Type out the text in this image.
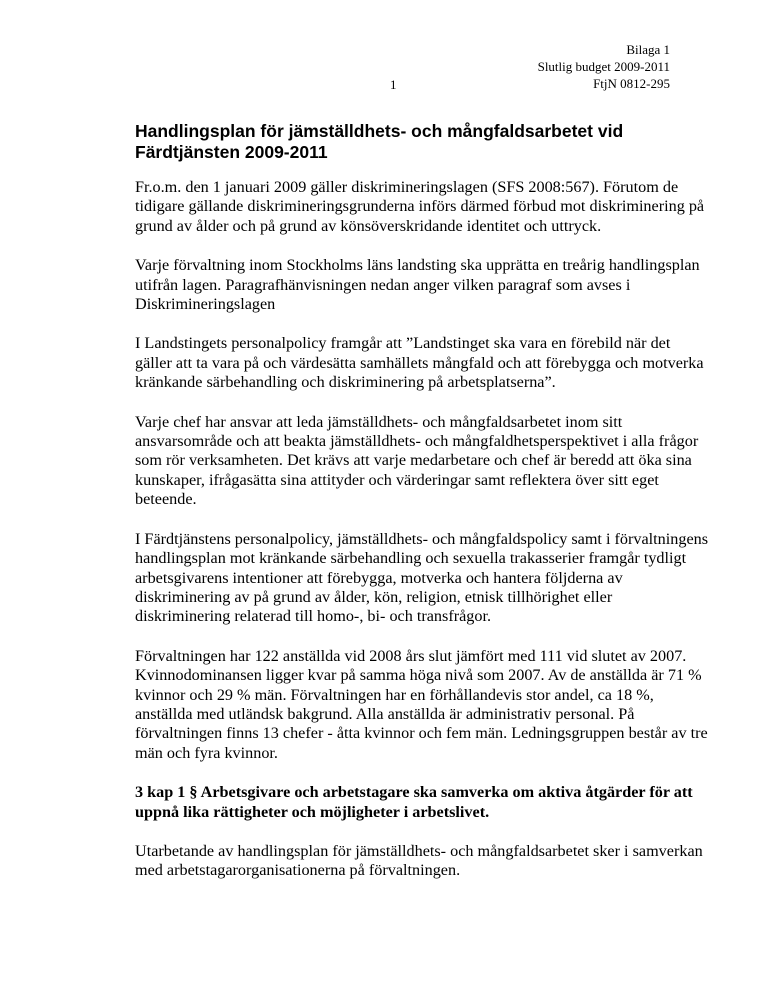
1
Bilaga 1
Slutlig budget 2009-2011
FtjN 0812-295
Handlingsplan för jämställdhets- och mångfaldsarbetet vid Färdtjänsten 2009-2011

Fr.o.m. den 1 januari 2009 gäller diskrimineringslagen (SFS 2008:567). Förutom de tidigare gällande diskrimineringsgrunderna införs därmed förbud mot diskriminering på grund av ålder och på grund av könsöverskridande identitet och uttryck.

Varje förvaltning inom Stockholms läns landsting ska upprätta en treårig handlingsplan utifrån lagen. Paragrafhänvisningen nedan anger vilken paragraf som avses i Diskrimineringslagen

I Landstingets personalpolicy framgår att ”Landstinget ska vara en förebild när det gäller att ta vara på och värdesätta samhällets mångfald och att förebygga och motverka kränkande särbehandling och diskriminering på arbetsplatserna”.

Varje chef har ansvar att leda jämställdhets- och mångfaldsarbetet inom sitt ansvarsområde och att beakta jämställdhets- och mångfaldhetsperspektivet i alla frågor som rör verksamheten. Det krävs att varje medarbetare och chef är beredd att öka sina kunskaper, ifrågasätta sina attityder och värderingar samt reflektera över sitt eget beteende.

I Färdtjänstens personalpolicy, jämställdhets- och mångfaldspolicy samt i förvaltningens handlingsplan mot kränkande särbehandling och sexuella trakasserier framgår tydligt arbetsgivarens intentioner att förebygga, motverka och hantera följderna av diskriminering av på grund av ålder, kön, religion, etnisk tillhörighet eller diskriminering relaterad till homo-, bi- och transfrågor.

Förvaltningen har 122 anställda vid 2008 års slut jämfört med 111 vid slutet av 2007. Kvinnodominansen ligger kvar på samma höga nivå som 2007. Av de anställda är 71 % kvinnor och 29 % män. Förvaltningen har en förhållandevis stor andel, ca 18 %, anställda med utländsk bakgrund. Alla anställda är administrativ personal. På förvaltningen finns 13 chefer - åtta kvinnor och fem män. Ledningsgruppen består av tre män och fyra kvinnor.

3 kap 1 § Arbetsgivare och arbetstagare ska samverka om aktiva åtgärder för att uppnå lika rättigheter och möjligheter i arbetslivet.

Utarbetande av handlingsplan för jämställdhets- och mångfaldsarbetet sker i samverkan med arbetstagarorganisationerna på förvaltningen.
